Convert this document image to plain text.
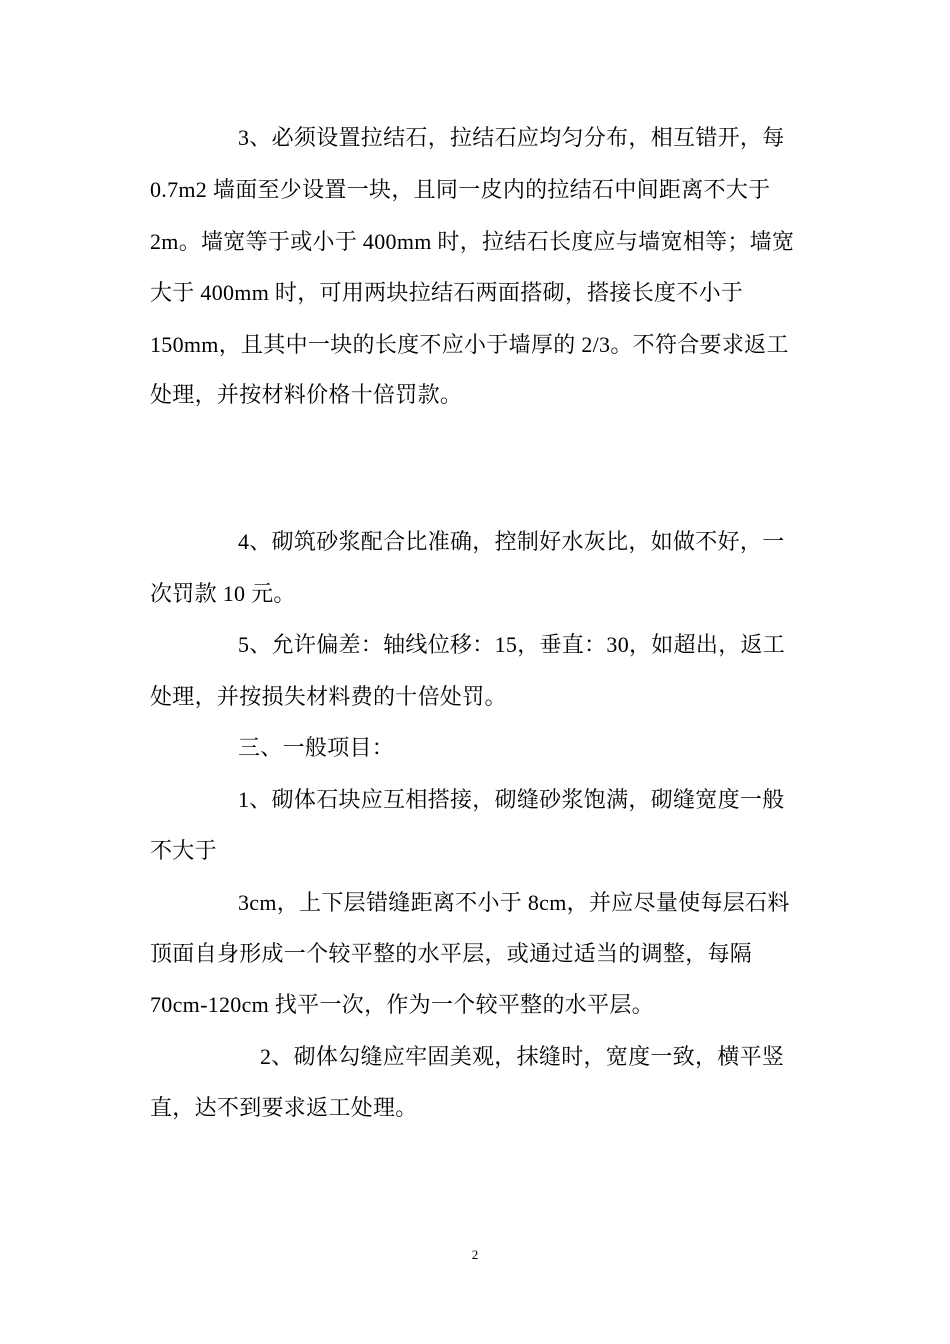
3、必须设置拉结石，拉结石应均匀分布，相互错开，每
0.7m2 墙面至少设置一块，且同一皮内的拉结石中间距离不大于
2m。墙宽等于或小于 400mm 时，拉结石长度应与墙宽相等；墙宽
大于 400mm 时，可用两块拉结石两面搭砌，搭接长度不小于
150mm，且其中一块的长度不应小于墙厚的 2/3。不符合要求返工
处理，并按材料价格十倍罚款。
4、砌筑砂浆配合比准确，控制好水灰比，如做不好，一
次罚款 10 元。
5、允许偏差：轴线位移：15，垂直：30，如超出，返工
处理，并按损失材料费的十倍处罚。
三、一般项目：
1、砌体石块应互相搭接，砌缝砂浆饱满，砌缝宽度一般
不大于
3cm，上下层错缝距离不小于 8cm，并应尽量使每层石料
顶面自身形成一个较平整的水平层，或通过适当的调整，每隔
70cm-120cm 找平一次，作为一个较平整的水平层。
2、砌体勾缝应牢固美观，抹缝时，宽度一致，横平竖
直，达不到要求返工处理。
2
